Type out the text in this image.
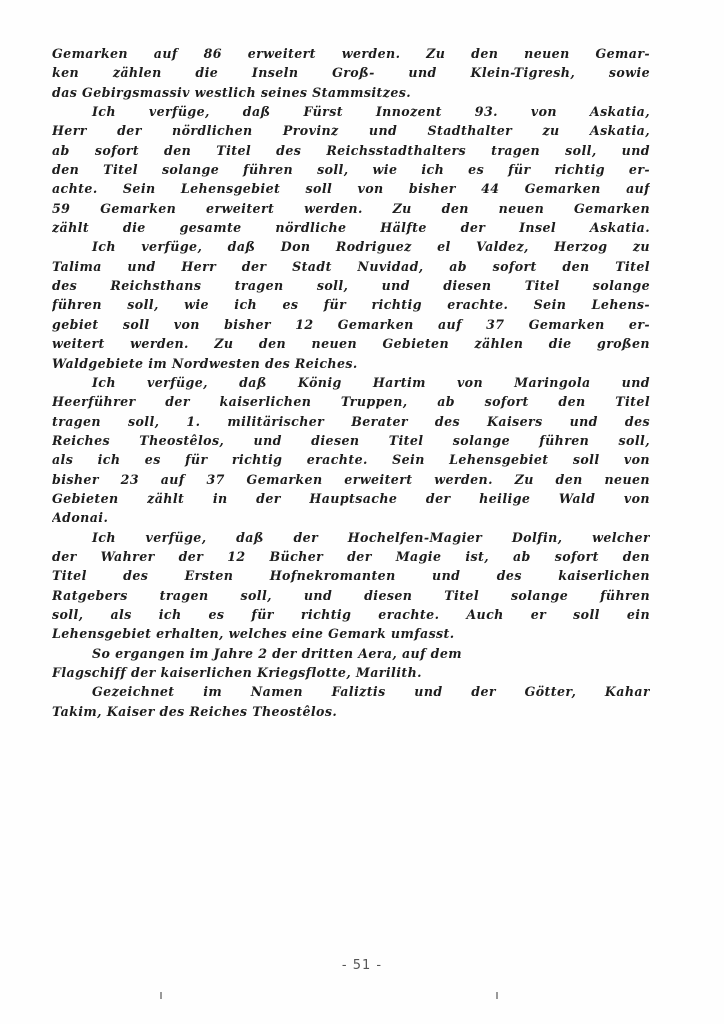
Gemarken auf 86 erweitert werden. Zu den neuen Gemar-
ken zählen die Inseln Groß- und Klein-Tigresh, sowie
das Gebirgsmassiv westlich seines Stammsitzes.
Ich verfüge, daß Fürst Innozent 93. von Askatia,
Herr der nördlichen Provinz und Stadthalter zu Askatia,
ab sofort den Titel des Reichsstadthalters tragen soll, und
den Titel solange führen soll, wie ich es für richtig er-
achte. Sein Lehensgebiet soll von bisher 44 Gemarken auf
59 Gemarken erweitert werden. Zu den neuen Gemarken
zählt die gesamte nördliche Hälfte der Insel Askatia.
Ich verfüge, daß Don Rodriguez el Valdez, Herzog zu
Talima und Herr der Stadt Nuvidad, ab sofort den Titel
des Reichsthans tragen soll, und diesen Titel solange
führen soll, wie ich es für richtig erachte. Sein Lehens-
gebiet soll von bisher 12 Gemarken auf 37 Gemarken er-
weitert werden. Zu den neuen Gebieten zählen die großen
Waldgebiete im Nordwesten des Reiches.
Ich verfüge, daß König Hartim von Maringola und
Heerführer der kaiserlichen Truppen, ab sofort den Titel
tragen soll, 1. militärischer Berater des Kaisers und des
Reiches Theostêlos, und diesen Titel solange führen soll,
als ich es für richtig erachte. Sein Lehensgebiet soll von
bisher 23 auf 37 Gemarken erweitert werden. Zu den neuen
Gebieten zählt in der Hauptsache der heilige Wald von
Adonai.
Ich verfüge, daß der Hochelfen-Magier Dolfin, welcher
der Wahrer der 12 Bücher der Magie ist, ab sofort den
Titel des Ersten Hofnekromanten und des kaiserlichen
Ratgebers tragen soll, und diesen Titel solange führen
soll, als ich es für richtig erachte. Auch er soll ein
Lehensgebiet erhalten, welches eine Gemark umfasst.
So ergangen im Jahre 2 der dritten Aera, auf dem
Flagschiff der kaiserlichen Kriegsflotte, Marilith.
Gezeichnet im Namen Faliztis und der Götter, Kahar
Takim, Kaiser des Reiches Theostêlos.
- 51 -
